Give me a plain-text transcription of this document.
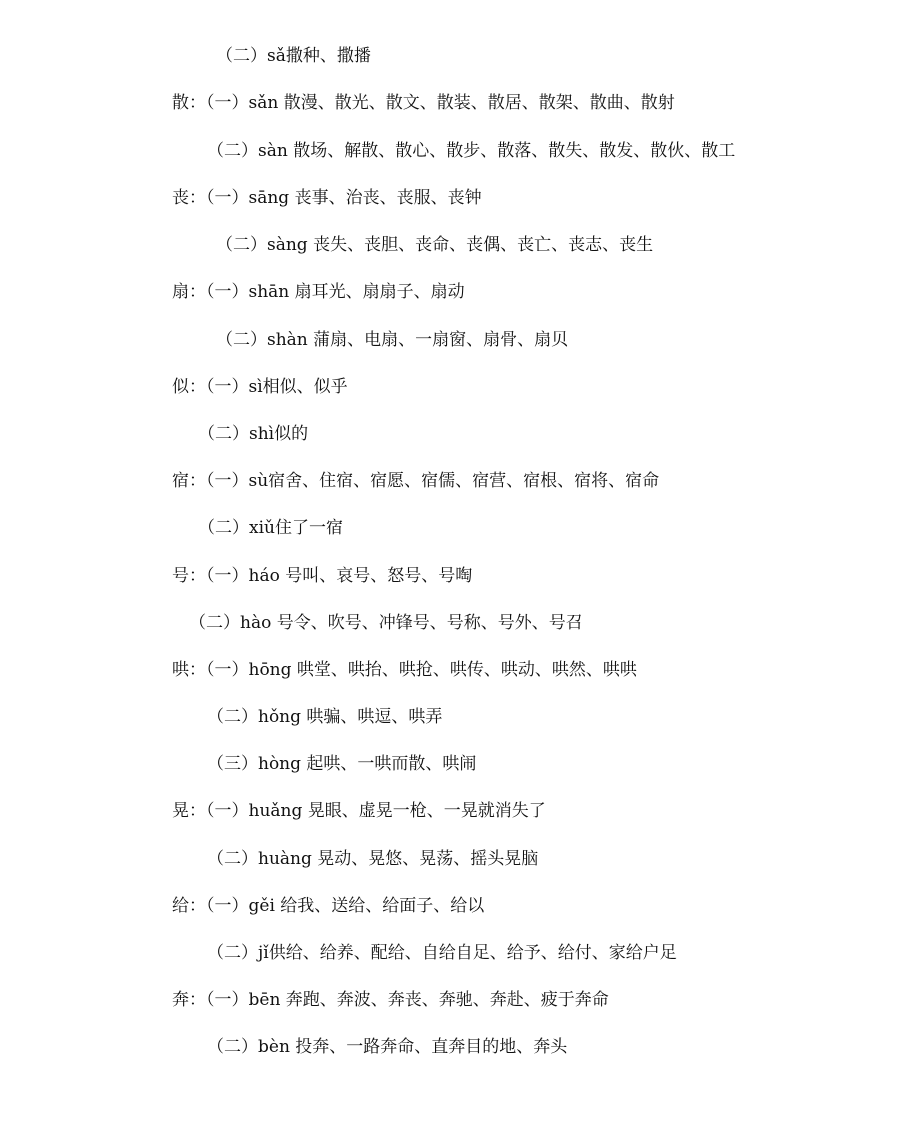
（二）sǎ撒种、撒播
散：（一）sǎn 散漫、散光、散文、散装、散居、散架、散曲、散射
（二）sàn 散场、解散、散心、散步、散落、散失、散发、散伙、散工
丧：（一）sāng 丧事、治丧、丧服、丧钟
（二）sàng 丧失、丧胆、丧命、丧偶、丧亡、丧志、丧生
扇：（一）shān 扇耳光、扇扇子、扇动
（二）shàn 蒲扇、电扇、一扇窗、扇骨、扇贝
似：（一）sì相似、似乎
（二）shì似的
宿：（一）sù宿舍、住宿、宿愿、宿儒、宿营、宿根、宿将、宿命
（二）xiǔ住了一宿
号：（一）háo 号叫、哀号、怒号、号啕
（二）hào 号令、吹号、冲锋号、号称、号外、号召
哄：（一）hōng 哄堂、哄抬、哄抢、哄传、哄动、哄然、哄哄
（二）hǒng 哄骗、哄逗、哄弄
（三）hòng 起哄、一哄而散、哄闹
晃：（一）huǎng 晃眼、虚晃一枪、一晃就消失了
（二）huàng 晃动、晃悠、晃荡、摇头晃脑
给：（一）gěi 给我、送给、给面子、给以
（二）jǐ供给、给养、配给、自给自足、给予、给付、家给户足
奔：（一）bēn 奔跑、奔波、奔丧、奔驰、奔赴、疲于奔命
（二）bèn 投奔、一路奔命、直奔目的地、奔头
